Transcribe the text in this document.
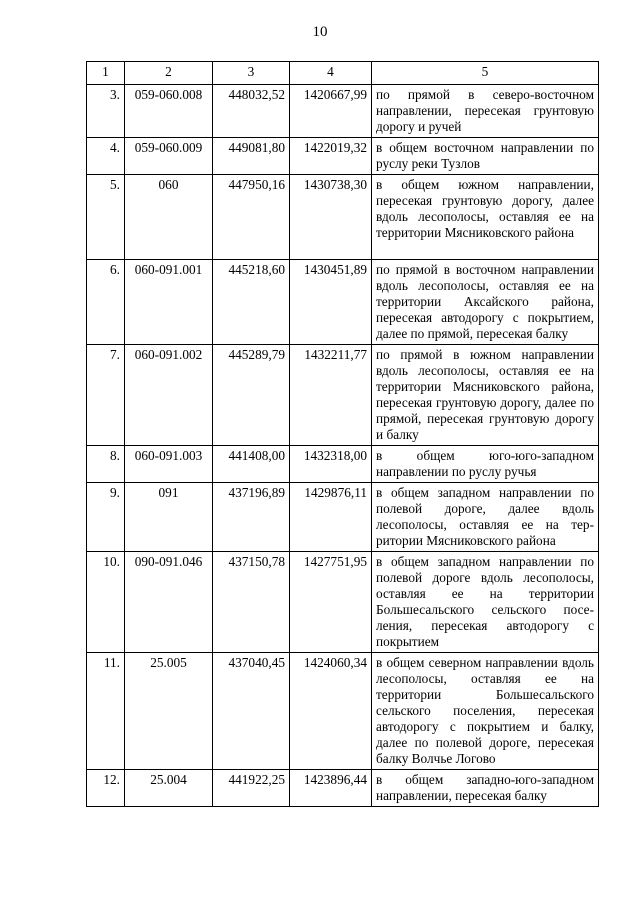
10
1	2	3	4	5
3.	059-060.008	448032,52	1420667,99	по прямой в северо-восточном направлении, пересекая грунтовую дорогу и ручей
4.	059-060.009	449081,80	1422019,32	в общем восточном направлении по руслу реки Тузлов
5.	060	447950,16	1430738,30	в общем южном направлении, пересекая грунтовую дорогу, далее вдоль лесополосы, оставляя ее на территории Мясниковского района
6.	060-091.001	445218,60	1430451,89	по прямой в восточном направлении вдоль лесополосы, оставляя ее на территории Аксайского района, пересекая автодорогу с покрытием, далее по прямой, пересекая балку
7.	060-091.002	445289,79	1432211,77	по прямой в южном направлении вдоль лесополосы, оставляя ее на территории Мясниковского района, пересекая грунтовую дорогу, далее по прямой, пересекая грунтовую дорогу и балку
8.	060-091.003	441408,00	1432318,00	в общем юго-юго-западном направлении по руслу ручья
9.	091	437196,89	1429876,11	в общем западном направлении по полевой дороге, далее вдоль лесополосы, оставляя ее на территории Мясниковского района
10.	090-091.046	437150,78	1427751,95	в общем западном направлении по полевой дороге вдоль лесополосы, оставляя ее на территории Большесальского сельского поселения, пересекая автодорогу с покрытием
11.	25.005	437040,45	1424060,34	в общем северном направлении вдоль лесополосы, оставляя ее на территории Большесальского сельского поселения, пересекая автодорогу с покрытием и балку, далее по полевой дороге, пересекая балку Волчье Логово
12.	25.004	441922,25	1423896,44	в общем западно-юго-западном направлении, пересекая балку
